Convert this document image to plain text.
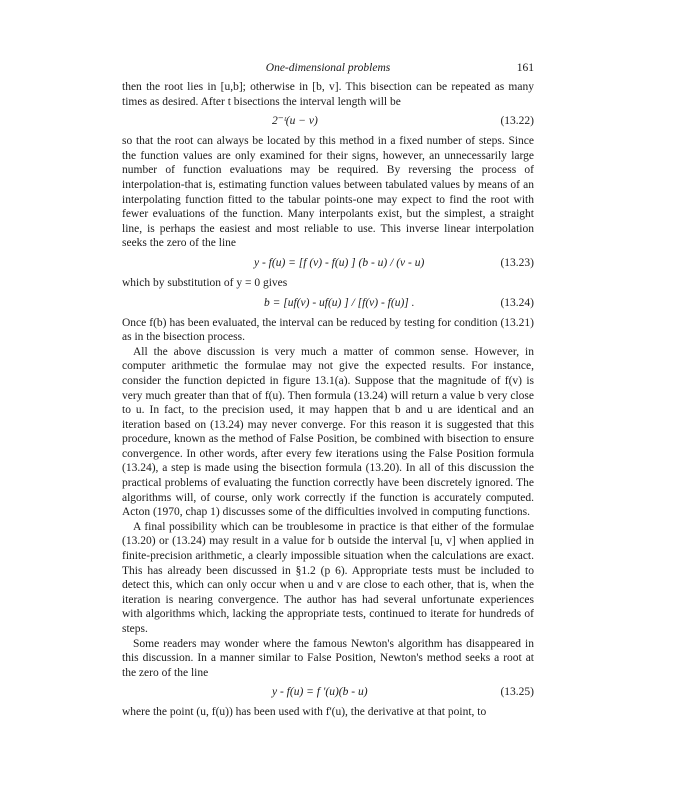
One-dimensional problems	161

then the root lies in [u,b]; otherwise in [b, v]. This bisection can be repeated as many times as desired. After t bisections the interval length will be

2⁻ᵗ(u − v)	(13.22)

so that the root can always be located by this method in a fixed number of steps. Since the function values are only examined for their signs, however, an unnecessarily large number of function evaluations may be required. By reversing the process of interpolation-that is, estimating function values between tabulated values by means of an interpolating function fitted to the tabular points-one may expect to find the root with fewer evaluations of the function. Many interpolants exist, but the simplest, a straight line, is perhaps the easiest and most reliable to use. This inverse linear interpolation seeks the zero of the line

y - f(u) = [f (v) - f(u) ] (b - u) / (v - u)	(13.23)

which by substitution of y = 0 gives

b = [uf(v) - uf(u) ] / [f(v) - f(u)] .	(13.24)

Once f(b) has been evaluated, the interval can be reduced by testing for condition (13.21) as in the bisection process.

All the above discussion is very much a matter of common sense. However, in computer arithmetic the formulae may not give the expected results. For instance, consider the function depicted in figure 13.1(a). Suppose that the magnitude of f(v) is very much greater than that of f(u). Then formula (13.24) will return a value b very close to u. In fact, to the precision used, it may happen that b and u are identical and an iteration based on (13.24) may never converge. For this reason it is suggested that this procedure, known as the method of False Position, be combined with bisection to ensure convergence. In other words, after every few iterations using the False Position formula (13.24), a step is made using the bisection formula (13.20). In all of this discussion the practical problems of evaluating the function correctly have been discretely ignored. The algorithms will, of course, only work correctly if the function is accurately computed. Acton (1970, chap 1) discusses some of the difficulties involved in computing functions.

A final possibility which can be troublesome in practice is that either of the formulae (13.20) or (13.24) may result in a value for b outside the interval [u, v] when applied in finite-precision arithmetic, a clearly impossible situation when the calculations are exact. This has already been discussed in §1.2 (p 6). Appropriate tests must be included to detect this, which can only occur when u and v are close to each other, that is, when the iteration is nearing convergence. The author has had several unfortunate experiences with algorithms which, lacking the appropriate tests, continued to iterate for hundreds of steps.

Some readers may wonder where the famous Newton's algorithm has disappeared in this discussion. In a manner similar to False Position, Newton's method seeks a root at the zero of the line

y - f(u) = f ′(u)(b - u)	(13.25)

where the point (u, f(u)) has been used with f'(u), the derivative at that point, to
